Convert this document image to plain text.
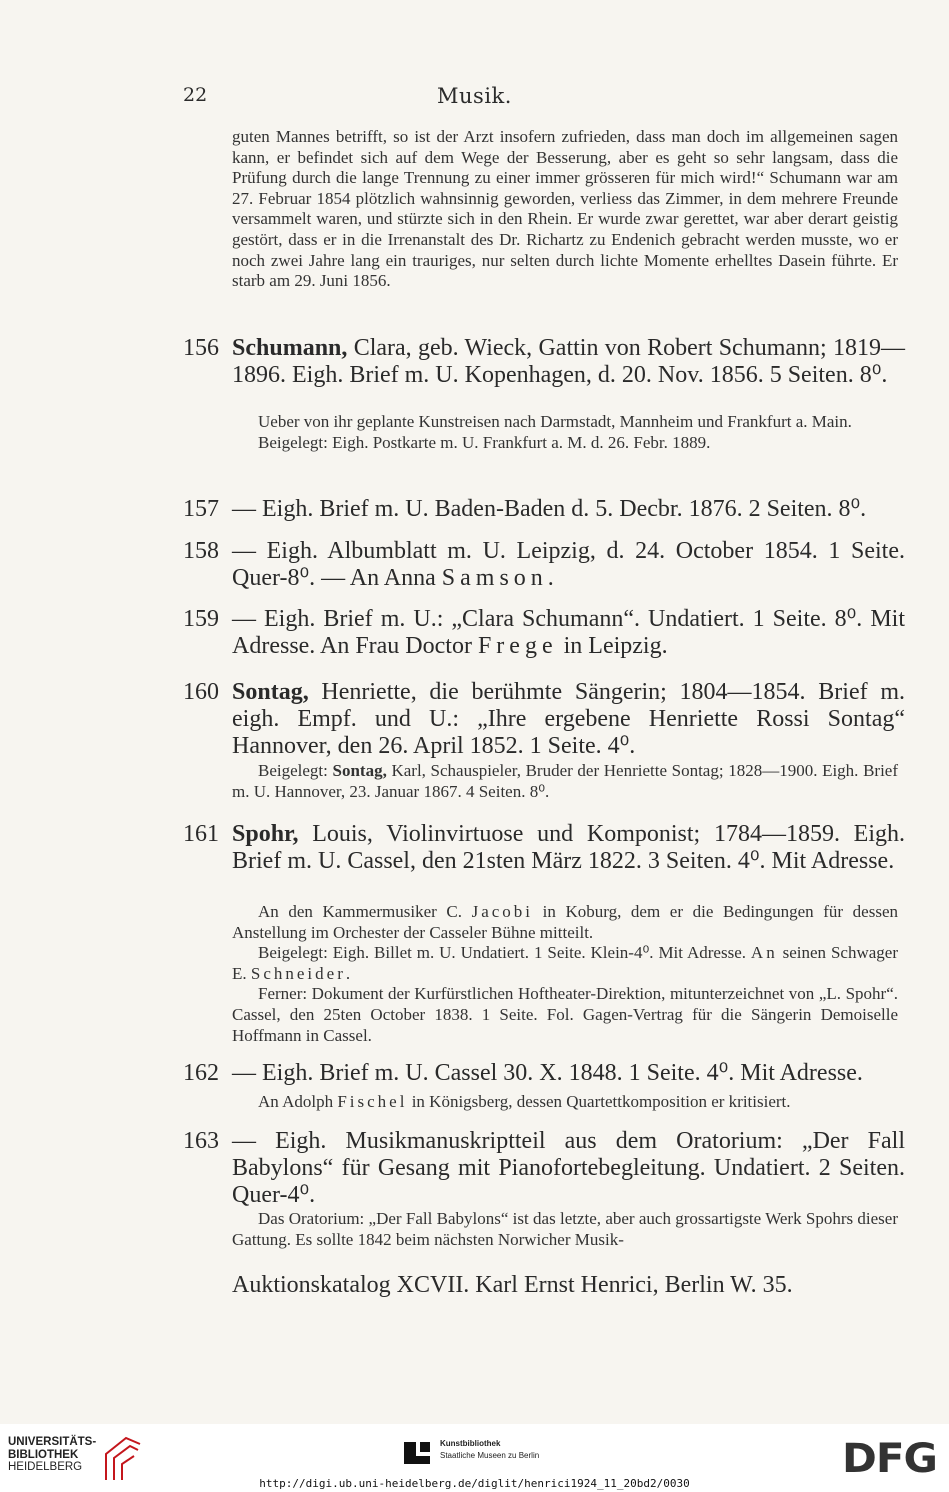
22	Musik.

guten Mannes betrifft, so ist der Arzt insofern zufrieden, dass man doch im allgemeinen sagen kann, er befindet sich auf dem Wege der Besserung, aber es geht so sehr langsam, dass die Prüfung durch die lange Trennung zu einer immer grösseren für mich wird!“ Schumann war am 27. Februar 1854 plötzlich wahnsinnig geworden, verliess das Zimmer, in dem mehrere Freunde versammelt waren, und stürzte sich in den Rhein. Er wurde zwar gerettet, war aber derart geistig gestört, dass er in die Irrenanstalt des Dr. Richartz zu Endenich gebracht werden musste, wo er noch zwei Jahre lang ein trauriges, nur selten durch lichte Momente erhelltes Dasein führte. Er starb am 29. Juni 1856.

156 Schumann, Clara, geb. Wieck, Gattin von Robert Schumann; 1819—1896. Eigh. Brief m. U. Kopenhagen, d. 20. Nov. 1856. 5 Seiten. 8⁰.

Ueber von ihr geplante Kunstreisen nach Darmstadt, Mannheim und Frankfurt a. Main.

Beigelegt: Eigh. Postkarte m. U. Frankfurt a. M. d. 26. Febr. 1889.

157 — Eigh. Brief m. U. Baden-Baden d. 5. Decbr. 1876. 2 Seiten. 8⁰.
158 — Eigh. Albumblatt m. U. Leipzig, d. 24. October 1854. 1 Seite. Quer-8⁰. — An Anna Samson.
159 — Eigh. Brief m. U.: „Clara Schumann“. Undatiert. 1 Seite. 8⁰. Mit Adresse. An Frau Doctor Frege in Leipzig.
160 Sontag, Henriette, die berühmte Sängerin; 1804—1854. Brief m. eigh. Empf. und U.: „Ihre ergebene Henriette Rossi Sontag“ Hannover, den 26. April 1852. 1 Seite. 4⁰.

Beigelegt: Sontag, Karl, Schauspieler, Bruder der Henriette Sontag; 1828—1900. Eigh. Brief m. U. Hannover, 23. Januar 1867. 4 Seiten. 8⁰.

161 Spohr, Louis, Violinvirtuose und Komponist; 1784—1859. Eigh. Brief m. U. Cassel, den 21sten März 1822. 3 Seiten. 4⁰. Mit Adresse.

An den Kammermusiker C. Jacobi in Koburg, dem er die Bedingungen für dessen Anstellung im Orchester der Casseler Bühne mitteilt.

Beigelegt: Eigh. Billet m. U. Undatiert. 1 Seite. Klein-4⁰. Mit Adresse. An seinen Schwager E. Schneider.

Ferner: Dokument der Kurfürstlichen Hoftheater-Direktion, mitunterzeichnet von „L. Spohr“. Cassel, den 25ten October 1838. 1 Seite. Fol. Gagen-Vertrag für die Sängerin Demoiselle Hoffmann in Cassel.

162 — Eigh. Brief m. U. Cassel 30. X. 1848. 1 Seite. 4⁰. Mit Adresse.

An Adolph Fischel in Königsberg, dessen Quartettkomposition er kritisiert.

163 — Eigh. Musikmanuskriptteil aus dem Oratorium: „Der Fall Babylons“ für Gesang mit Pianofortebegleitung. Undatiert. 2 Seiten. Quer-4⁰.

Das Oratorium: „Der Fall Babylons“ ist das letzte, aber auch grossartigste Werk Spohrs dieser Gattung. Es sollte 1842 beim nächsten Norwicher Musik-

Auktionskatalog XCVII. Karl Ernst Henrici, Berlin W. 35.
UNIVERSITÄTS-
BIBLIOTHEK
HEIDELBERG
Kunstbibliothek
Staatliche Museen zu Berlin	DFG
http://digi.ub.uni-heidelberg.de/diglit/henrici1924_11_20bd2/0030
